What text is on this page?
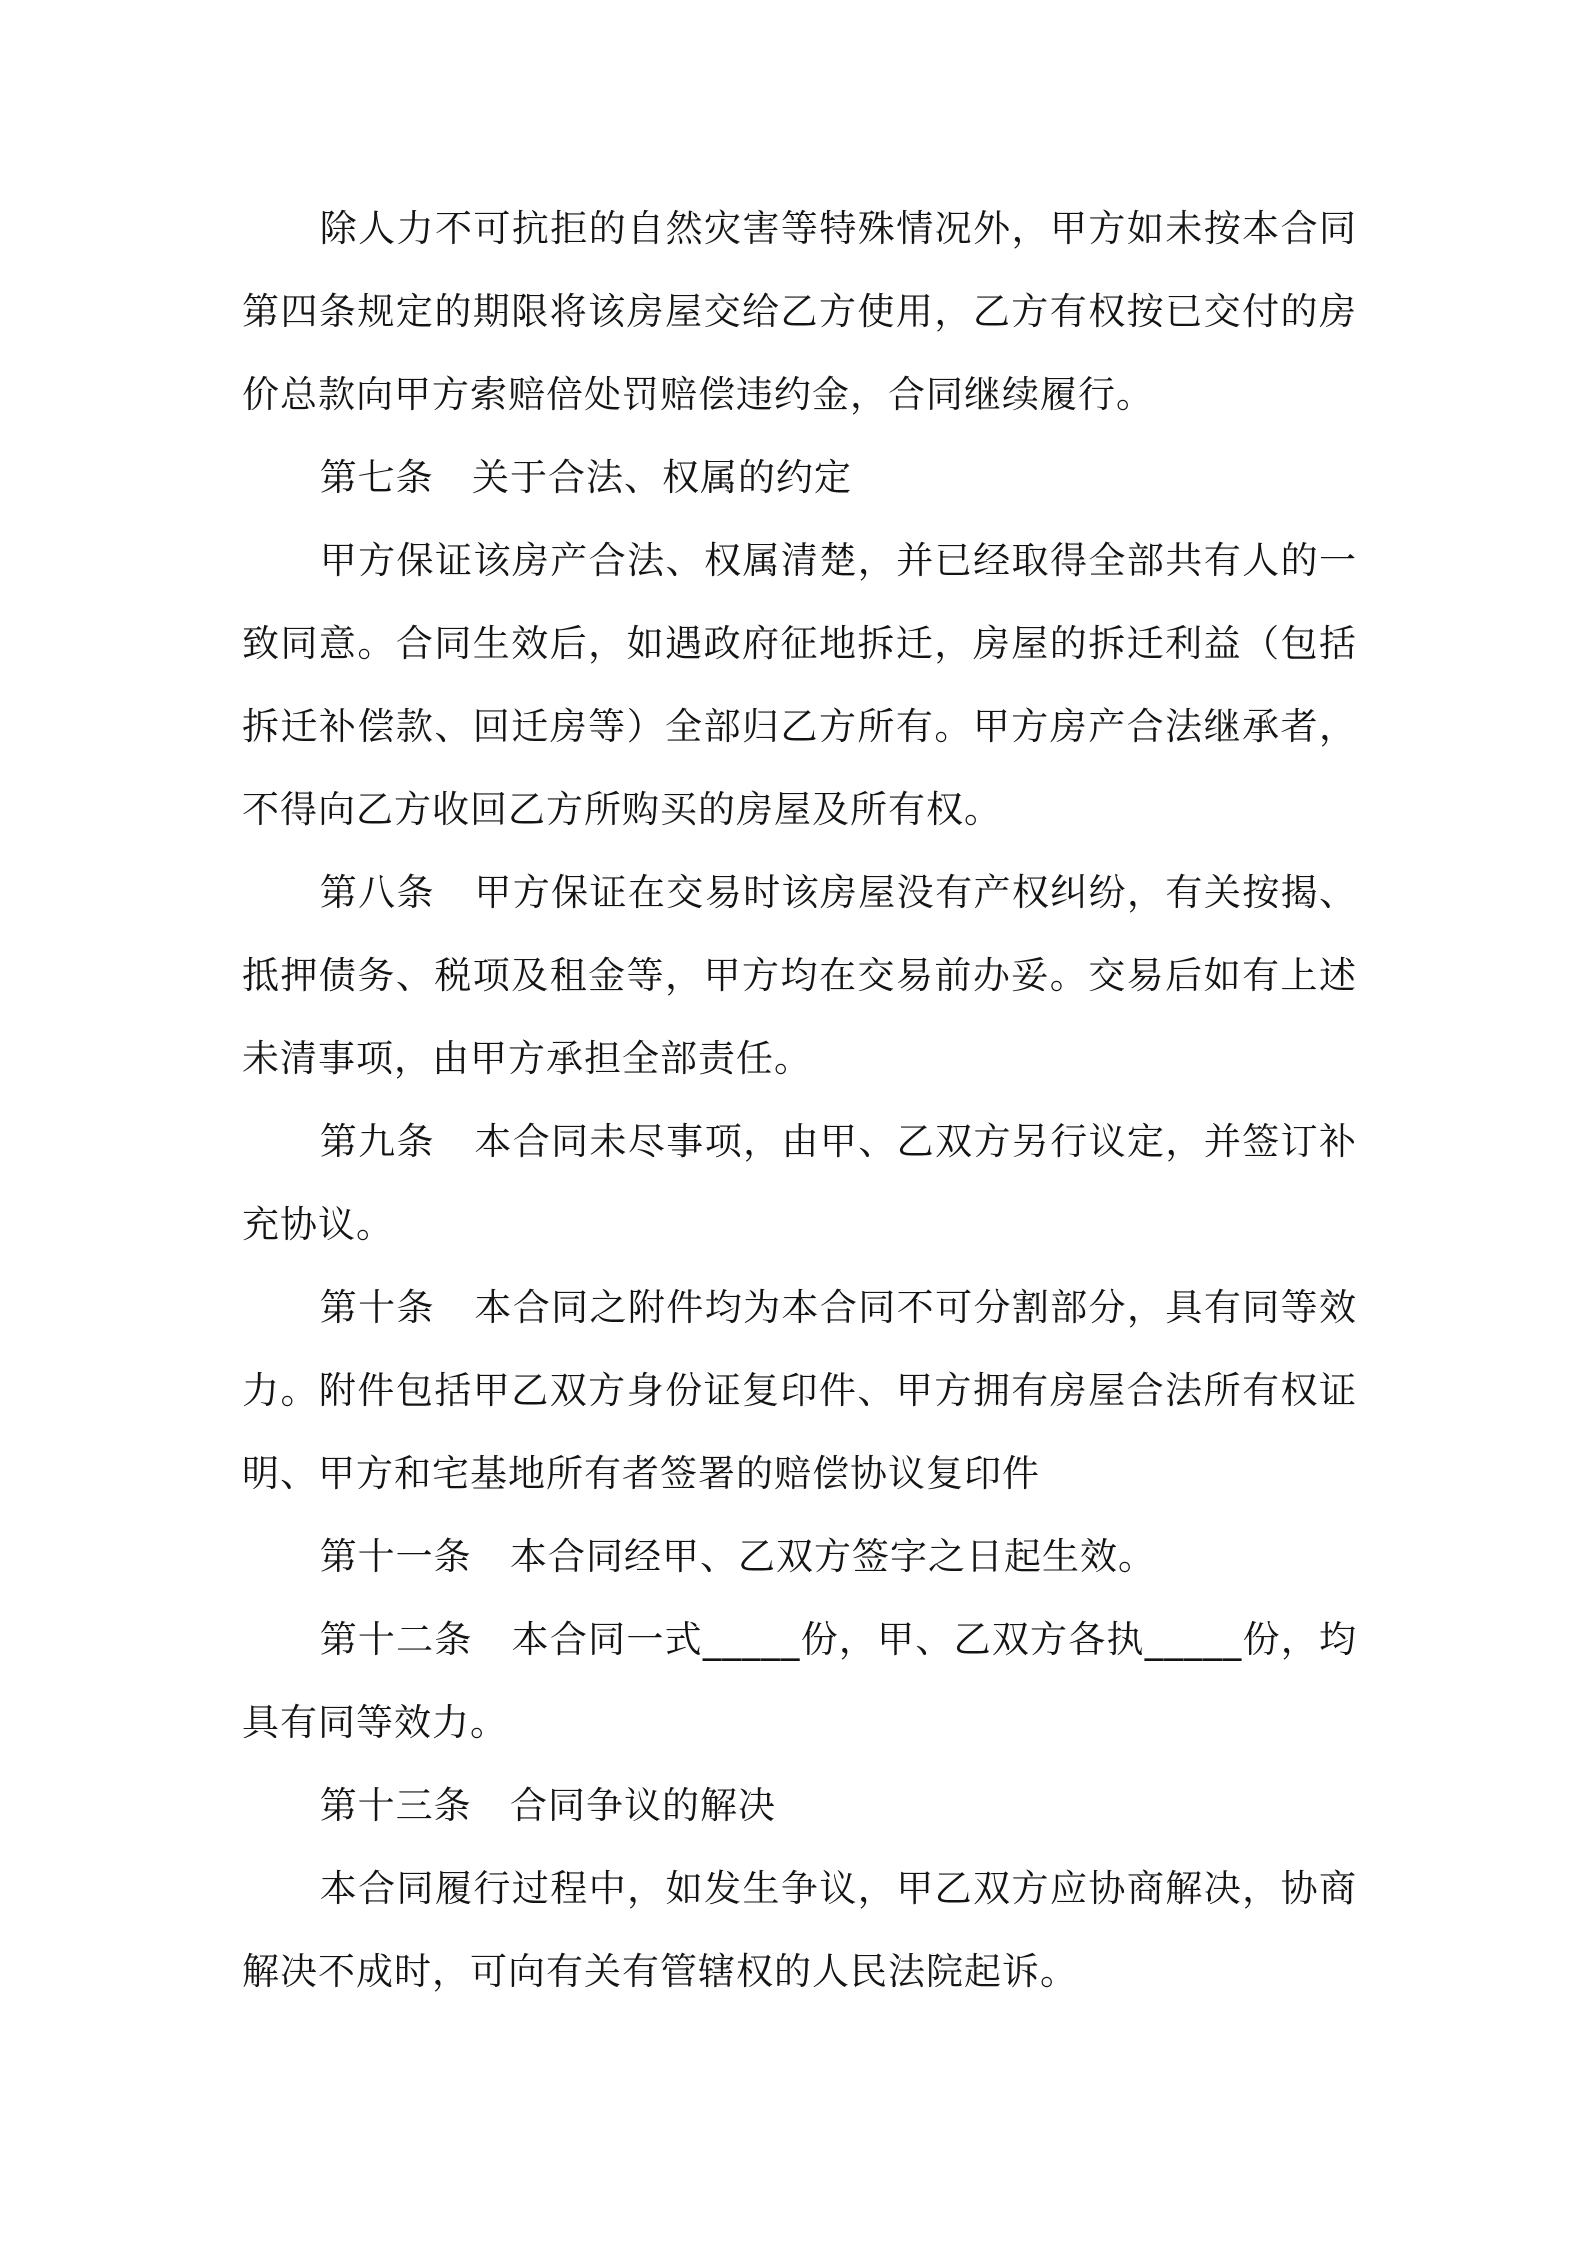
除人力不可抗拒的自然灾害等特殊情况外，甲方如未按本合同第四条规定的期限将该房屋交给乙方使用，乙方有权按已交付的房价总款向甲方索赔倍处罚赔偿违约金，合同继续履行。

第七条 关于合法、权属的约定

甲方保证该房产合法、权属清楚，并已经取得全部共有人的一致同意。合同生效后，如遇政府征地拆迁，房屋的拆迁利益（包括拆迁补偿款、回迁房等）全部归乙方所有。甲方房产合法继承者，不得向乙方收回乙方所购买的房屋及所有权。

第八条 甲方保证在交易时该房屋没有产权纠纷，有关按揭、抵押债务、税项及租金等，甲方均在交易前办妥。交易后如有上述未清事项，由甲方承担全部责任。

第九条 本合同未尽事项，由甲、乙双方另行议定，并签订补充协议。

第十条 本合同之附件均为本合同不可分割部分，具有同等效力。附件包括甲乙双方身份证复印件、甲方拥有房屋合法所有权证明、甲方和宅基地所有者签署的赔偿协议复印件

第十一条 本合同经甲、乙双方签字之日起生效。

第十二条 本合同一式_____份，甲、乙双方各执_____份，均具有同等效力。

第十三条 合同争议的解决

本合同履行过程中，如发生争议，甲乙双方应协商解决，协商解决不成时，可向有关有管辖权的人民法院起诉。
